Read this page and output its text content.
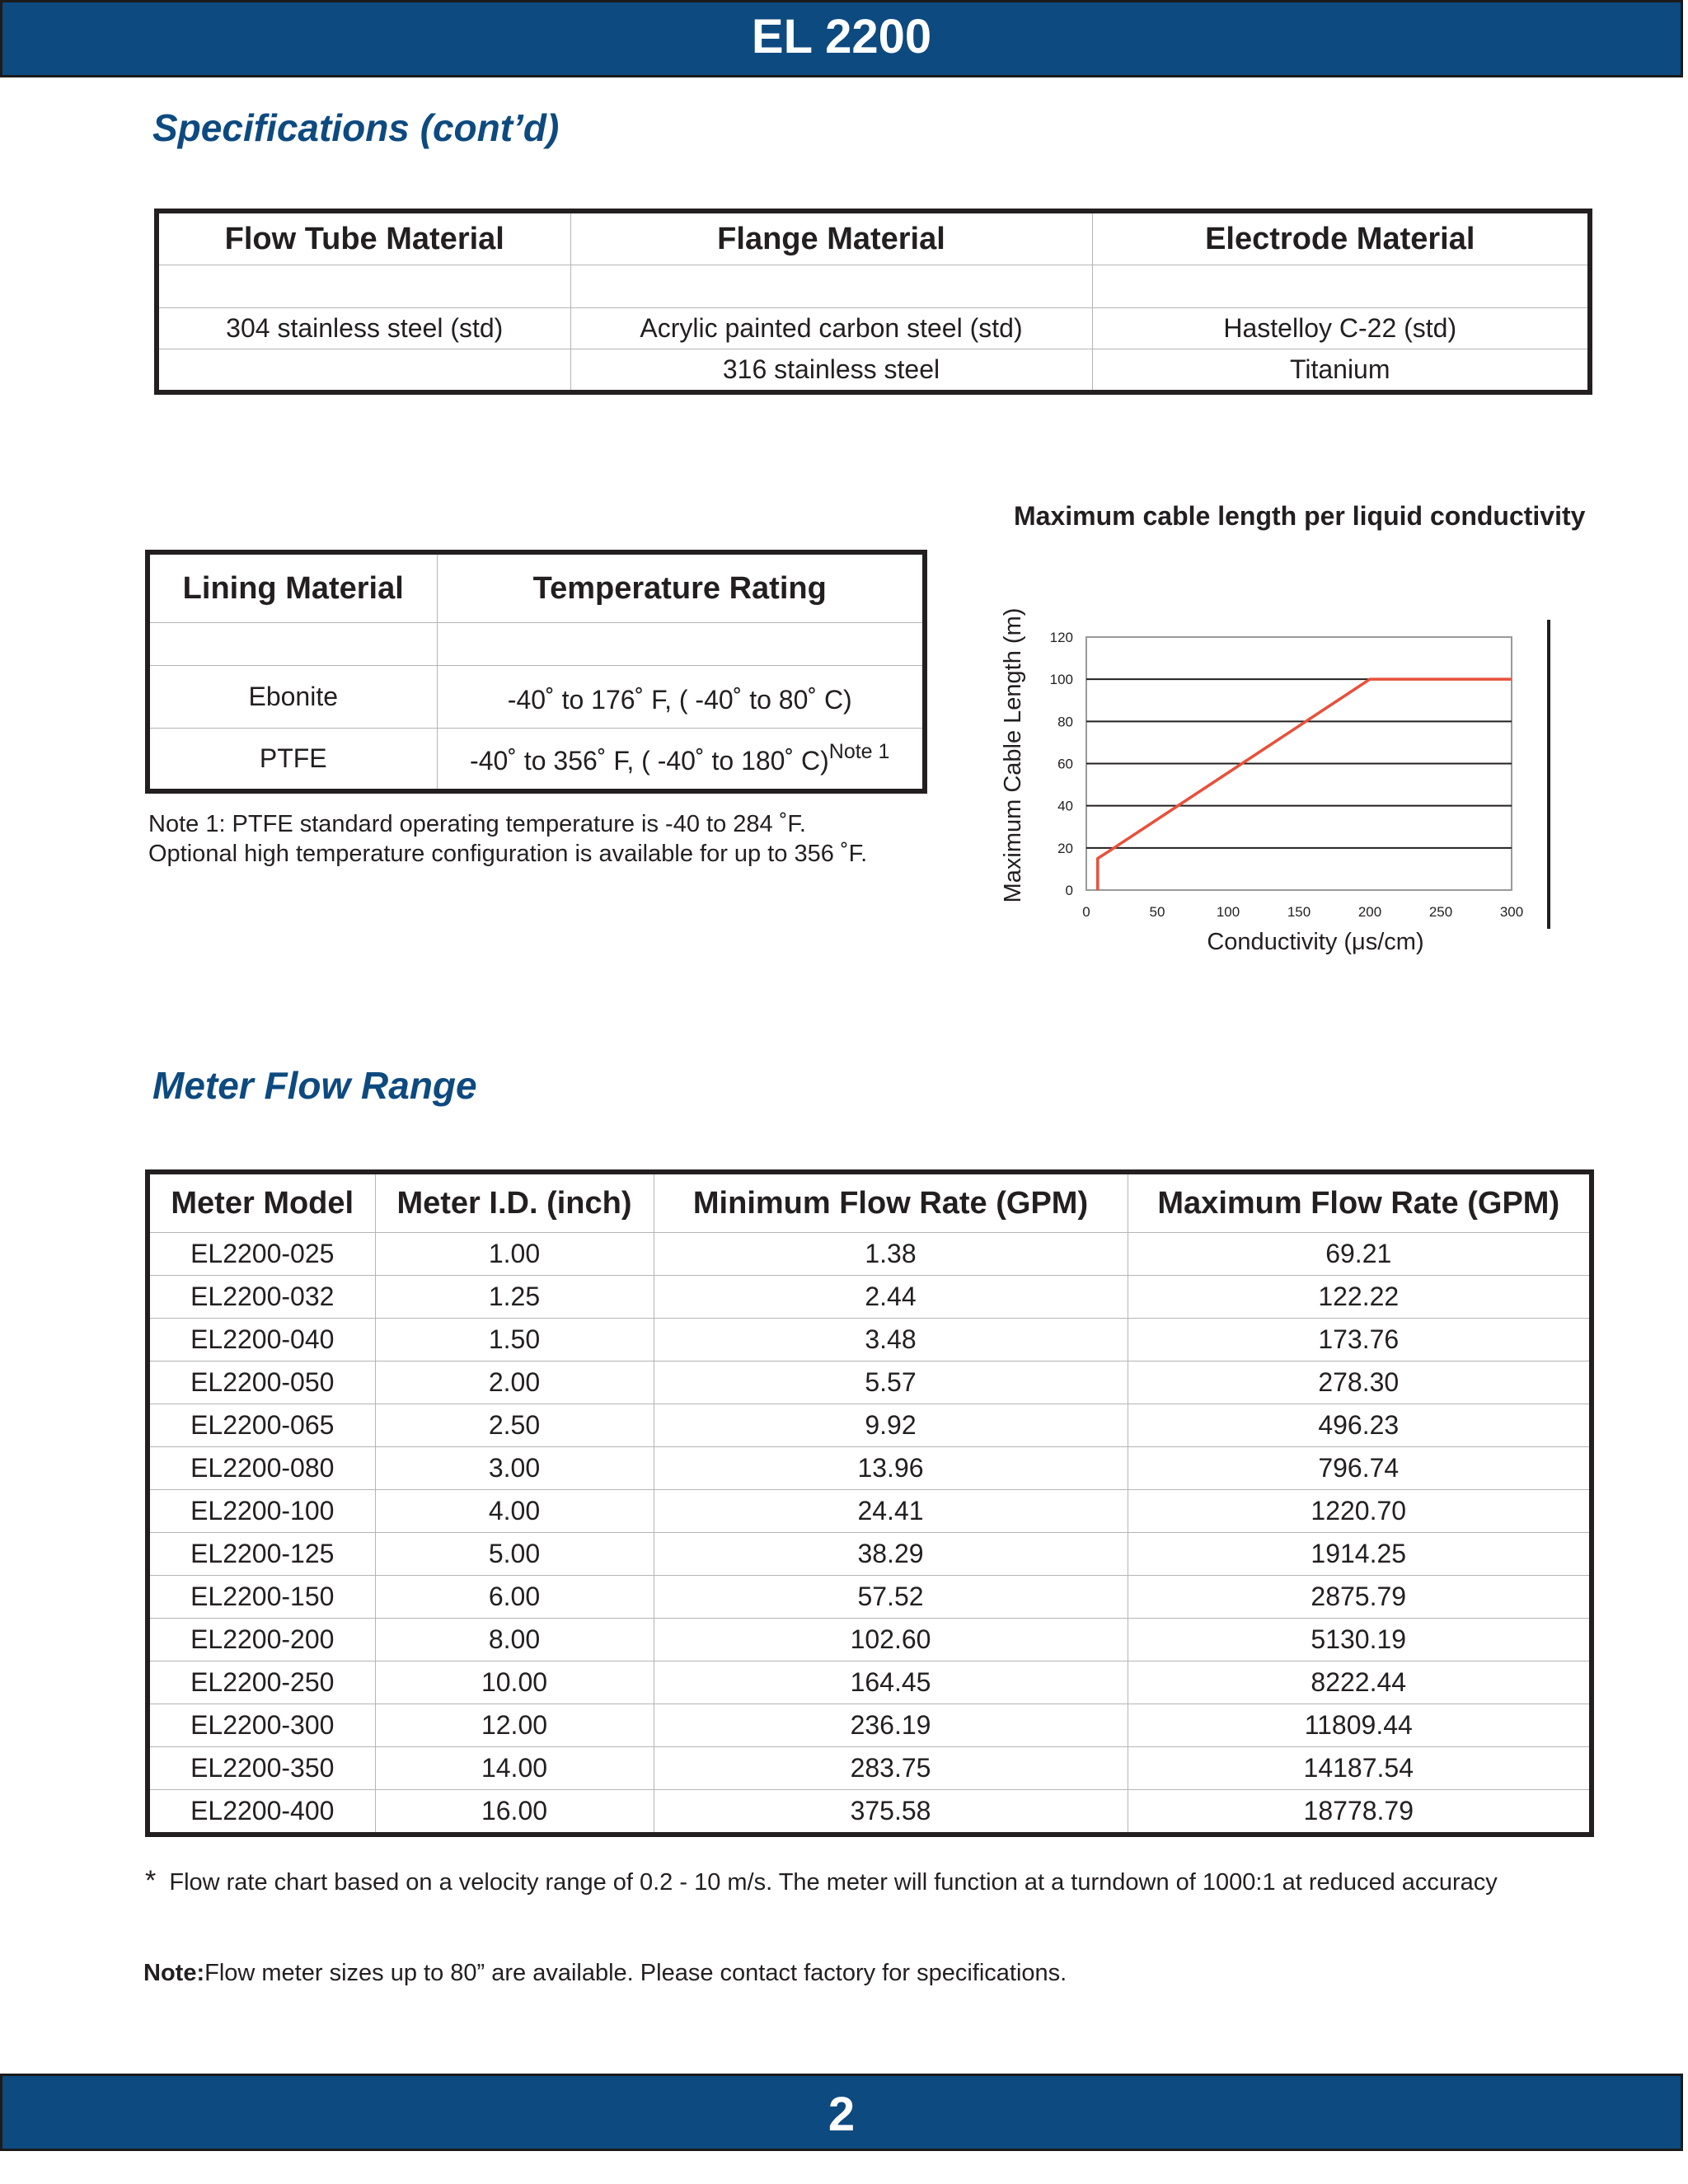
EL 2200
Specifications (cont’d)
Flow Tube Material	Flange Material	Electrode Material

304 stainless steel (std)	Acrylic painted carbon steel (std)	Hastelloy C-22 (std)
	316 stainless steel	Titanium
Lining Material	Temperature Rating

Ebonite	-40˚ to 176˚ F, ( -40˚ to 80˚ C)
PTFE	-40˚ to 356˚ F, ( -40˚ to 180˚ C)$^{Note 1}$
Note 1: PTFE standard operating temperature is -40 to 284 ˚F.
Optional high temperature configuration is available for up to 356 ˚F.
Maximum cable length per liquid conductivity
0
20
40
60
80
100
120
0	50	100	150	200	250	300
Conductivity (μs/cm)
Maximum Cable Length (m)
Meter Flow Range
Meter Model	Meter I.D. (inch)	Minimum Flow Rate (GPM)	Maximum Flow Rate (GPM)
EL2200-025	1.00	1.38	69.21
EL2200-032	1.25	2.44	122.22
EL2200-040	1.50	3.48	173.76
EL2200-050	2.00	5.57	278.30
EL2200-065	2.50	9.92	496.23
EL2200-080	3.00	13.96	796.74
EL2200-100	4.00	24.41	1220.70
EL2200-125	5.00	38.29	1914.25
EL2200-150	6.00	57.52	2875.79
EL2200-200	8.00	102.60	5130.19
EL2200-250	10.00	164.45	8222.44
EL2200-300	12.00	236.19	11809.44
EL2200-350	14.00	283.75	14187.54
EL2200-400	16.00	375.58	18778.79
* Flow rate chart based on a velocity range of 0.2 - 10 m/s. The meter will function at a turndown of 1000:1 at reduced accuracy
Note:Flow meter sizes up to 80” are available. Please contact factory for specifications.
2
